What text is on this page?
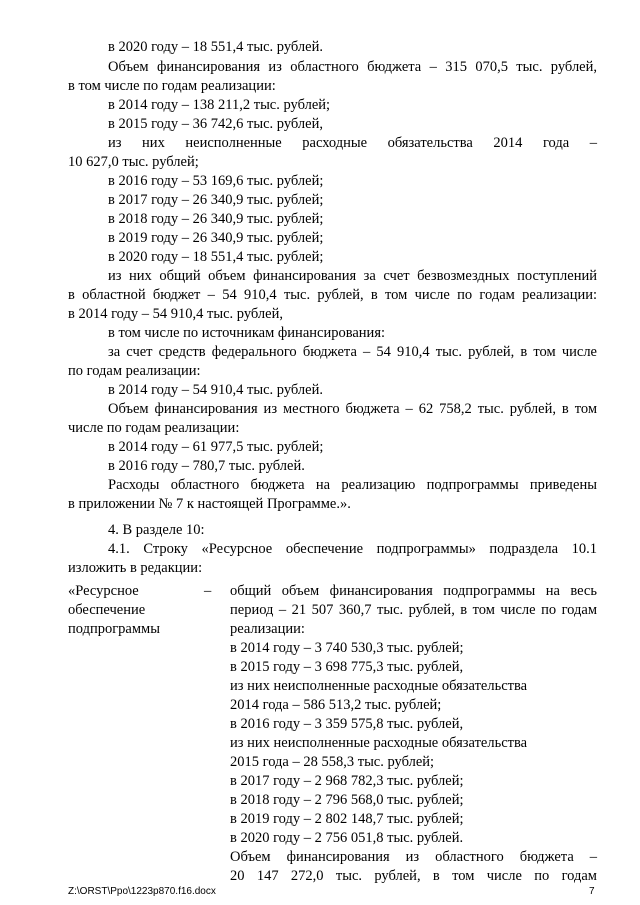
в 2020 году – 18 551,4 тыс. рублей.
Объем финансирования из областного бюджета – 315 070,5 тыс. рублей,
в том числе по годам реализации:
в 2014 году – 138 211,2 тыс. рублей;
в 2015 году – 36 742,6 тыс. рублей,
из них неисполненные расходные обязательства 2014 года –
10 627,0 тыс. рублей;
в 2016 году – 53 169,6 тыс. рублей;
в 2017 году – 26 340,9 тыс. рублей;
в 2018 году – 26 340,9 тыс. рублей;
в 2019 году – 26 340,9 тыс. рублей;
в 2020 году – 18 551,4 тыс. рублей;
из них общий объем финансирования за счет безвозмездных поступлений
в областной бюджет – 54 910,4 тыс. рублей, в том числе по годам реализации:
в 2014 году – 54 910,4 тыс. рублей,
в том числе по источникам финансирования:
за счет средств федерального бюджета – 54 910,4 тыс. рублей, в том числе
по годам реализации:
в 2014 году – 54 910,4 тыс. рублей.
Объем финансирования из местного бюджета – 62 758,2 тыс. рублей, в том
числе по годам реализации:
в 2014 году – 61 977,5 тыс. рублей;
в 2016 году – 780,7 тыс. рублей.
Расходы областного бюджета на реализацию подпрограммы приведены
в приложении № 7 к настоящей Программе.».
4. В разделе 10:
4.1. Строку «Ресурсное обеспечение подпрограммы» подраздела 10.1
изложить в редакции:
«Ресурсное
обеспечение
подпрограммы
– общий объем финансирования подпрограммы на весь
период – 21 507 360,7 тыс. рублей, в том числе по годам
реализации:
в 2014 году – 3 740 530,3 тыс. рублей;
в 2015 году – 3 698 775,3 тыс. рублей,
из них неисполненные расходные обязательства
2014 года – 586 513,2 тыс. рублей;
в 2016 году – 3 359 575,8 тыс. рублей,
из них неисполненные расходные обязательства
2015 года – 28 558,3 тыс. рублей;
в 2017 году – 2 968 782,3 тыс. рублей;
в 2018 году – 2 796 568,0 тыс. рублей;
в 2019 году – 2 802 148,7 тыс. рублей;
в 2020 году – 2 756 051,8 тыс. рублей.
Объем финансирования из областного бюджета –
20 147 272,0 тыс. рублей, в том числе по годам
Z:\ORST\Ppo\1223p870.f16.docx	7
